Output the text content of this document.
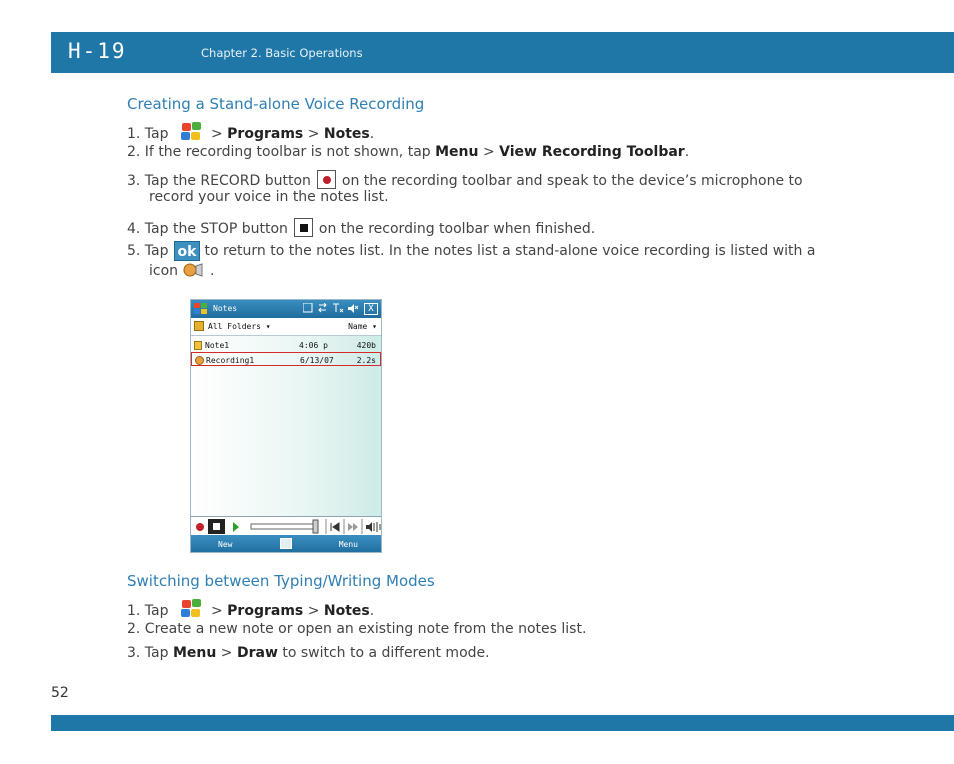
H-19	Chapter 2. Basic Operations
Creating a Stand-alone Voice Recording
1. Tap	> Programs > Notes.
2. If the recording toolbar is not shown, tap Menu > View Recording Toolbar.
3. Tap the RECORD button on the recording toolbar and speak to the device’s microphone to
record your voice in the notes list.
4. Tap the STOP button on the recording toolbar when finished.
5. Tap ok to return to the notes list. In the notes list a stand-alone voice recording is listed with a
icon .
Notes	X
All Folders ▾	Name ▾
Note1	4:06 p	420b
Recording1	6/13/07	2.2s
New	Menu
Switching between Typing/Writing Modes
1. Tap	> Programs > Notes.
2. Create a new note or open an existing note from the notes list.
3. Tap Menu > Draw to switch to a different mode.
52
